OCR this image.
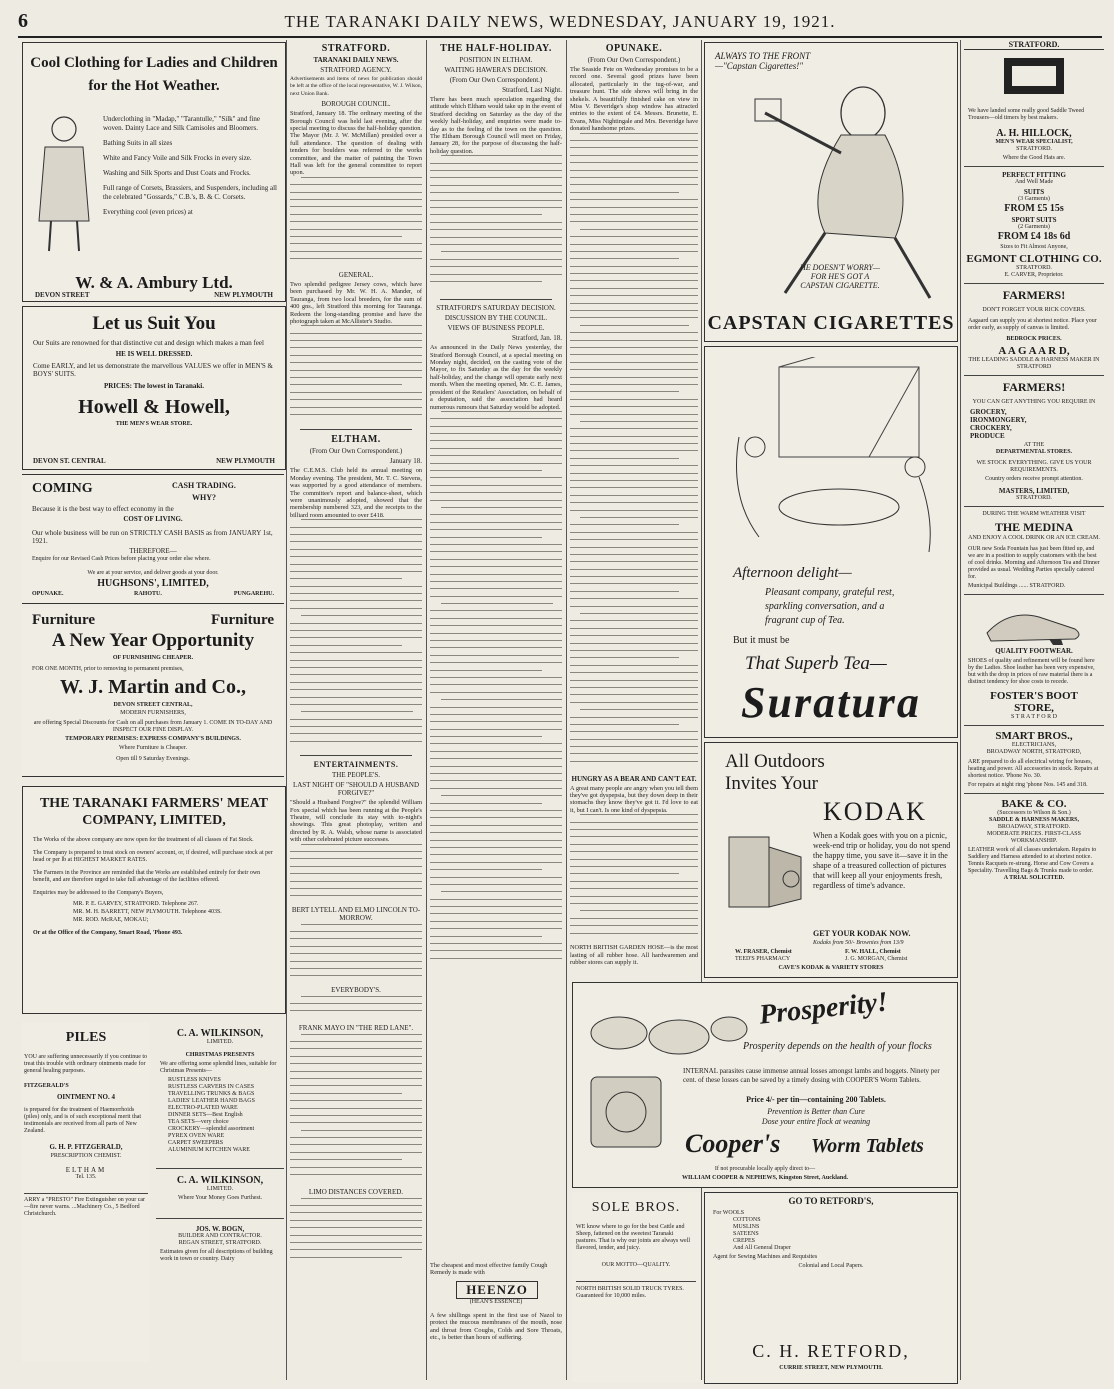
6	THE TARANAKI DAILY NEWS, WEDNESDAY, JANUARY 19, 1921.
Cool Clothing for Ladies and Children
for the Hot Weather.
Underclothing in "Madap," "Tarantulle," "Silk" and fine woven. Dainty Lace and Silk Camisoles and Bloomers.
Bathing Suits in all sizes
White and Fancy Voile and Silk Frocks in every size.
Washing and Silk Sports and Dust Coats and Frocks.
Full range of Corsets, Brassiers, and Suspenders, including all the celebrated "Gossards," C.B.'s, B. & C. Corsets.
Everything cool (even prices) at
W. & A. Ambury Ltd.
DEVON STREET	NEW PLYMOUTH
Let us Suit You
Our Suits are renowned for that distinctive cut and design which makes a man feel
HE IS WELL DRESSED.
Come EARLY, and let us demonstrate the marvellous VALUES we offer in MEN'S & BOYS' SUITS.
PRICES: The lowest in Taranaki.
Howell & Howell,
THE MEN'S WEAR STORE.
DEVON ST. CENTRAL	NEW PLYMOUTH
COMING	CASH TRADING.
WHY?
Because it is the best way to effect economy in the
COST OF LIVING.
Our whole business will be run on STRICTLY CASH BASIS as from JANUARY 1st, 1921.
THEREFORE—
Enquire for our Revised Cash Prices before placing your order else where.
We are at your service, and deliver goods at your door.
HUGHSONS', LIMITED,
OPUNAKE.	RAHOTU.	PUNGAREHU.
Furniture	Furniture
A New Year Opportunity
OF FURNISHING CHEAPER.
FOR ONE MONTH, prior to removing to permanent premises,
W. J. Martin and Co.,
DEVON STREET CENTRAL,
MODERN FURNISHERS,
are offering Special Discounts for Cash on all purchases from January 1. COME IN TO-DAY AND INSPECT OUR FINE DISPLAY.
TEMPORARY PREMISES: EXPRESS COMPANY'S BUILDINGS.
Where Furniture is Cheaper.
Open till 9 Saturday Evenings.
THE TARANAKI FARMERS' MEAT COMPANY, LIMITED,
The Works of the above company are now open for the treatment of all classes of Fat Stock.
The Company is prepared to treat stock on owners' account, or, if desired, will purchase stock at per head or per lb at HIGHEST MARKET RATES.
The Farmers in the Province are reminded that the Works are established entirely for their own benefit, and are therefore urged to take full advantage of the facilities offered.
Enquiries may be addressed to the Company's Buyers,
MR. P. E. GARVEY, STRATFORD. Telephone 267.
MR. M. H. BARRETT, NEW PLYMOUTH. Telephone 403S.
MR. ROD. McRAE, MOKAU;
Or at the Office of the Company, Smart Road, 'Phone 493.
PILES
YOU are suffering unnecessarily if you continue to treat this trouble with ordinary ointments made for general healing purposes.
FITZGERALD'S
OINTMENT NO. 4
is prepared for the treatment of Haemorrhoids (piles) only, and is of such exceptional merit that testimonials are received from all parts of New Zealand.
G. H. P. FITZGERALD,
PRESCRIPTION CHEMIST.
ELTHAM
Tel. 135.
ARRY a "PRESTO" Fire Extinguisher on your car—fire never warns. ...Machinery Co., 5 Bedford Christchurch.
C. A. WILKINSON,
LIMITED.
CHRISTMAS PRESENTS
We are offering some splendid lines, suitable for Christmas Presents—
RUSTLESS KNIVES
RUSTLESS CARVERS IN CASES
TRAVELLING TRUNKS & BAGS
LADIES' LEATHER HAND BAGS
ELECTRO-PLATED WARE
DINNER SETS—Best English
TEA SETS—very choice
CROCKERY—splendid assortment
PYREX OVEN WARE
CARPET SWEEPERS
ALUMINIUM KITCHEN WARE
C. A. WILKINSON,
LIMITED.
Where Your Money Goes Furthest.
JOS. W. BOGN,
BUILDER AND CONTRACTOR.
REGAN STREET, STRATFORD.
Estimates given for all descriptions of building work in town or country. Dairy
STRATFORD.
TARANAKI DAILY NEWS.
STRATFORD AGENCY.
Advertisements and items of news for publication should be left at the office of the local representative, W. J. Wilson, next Union Bank.
BOROUGH COUNCIL.
Stratford, January 18. The ordinary meeting of the Borough Council was held last evening, after the special meeting to discuss the half-holiday question. The Mayor (Mr. J. W. McMillan) presided over a full attendance. The question of dealing with tenders for boulders was referred to the works committee, and the matter of painting the Town Hall was left for the general committee to report upon.
GENERAL.
Two splendid pedigree Jersey cows, which have been purchased by Mr. W. H. A. Mander, of Tauranga, from two local breeders, for the sum of 400 gns., left Stratford this morning for Tauranga. Redeem the long-standing promise and have the photograph taken at McAllister's Studio.
ELTHAM.
(From Our Own Correspondent.)
January 18.
The C.E.M.S. Club held its annual meeting on Monday evening. The president, Mr. T. C. Stevens, was supported by a good attendance of members. The committee's report and balance-sheet, which were unanimously adopted, showed that the membership numbered 323, and the receipts to the billiard room amounted to over £418.
ENTERTAINMENTS.
THE PEOPLE'S.
LAST NIGHT OF "SHOULD A HUSBAND FORGIVE?"
"Should a Husband Forgive?" the splendid William Fox special which has been running at the People's Theatre, will conclude its stay with to-night's showings. This great photoplay, written and directed by R. A. Walsh, whose name is associated with other celebrated picture successes.
BERT LYTELL AND ELMO LINCOLN TO-MORROW.
EVERYBODY'S.
FRANK MAYO IN "THE RED LANE".
LIMO DISTANCES COVERED.
THE HALF-HOLIDAY.
POSITION IN ELTHAM.
WAITING HAWERA'S DECISION.
(From Our Own Correspondent.)
Stratford, Last Night.
There has been much speculation regarding the attitude which Eltham would take up in the event of Stratford deciding on Saturday as the day of the weekly half-holiday, and enquiries were made to-day as to the feeling of the town on the question. The Eltham Borough Council will meet on Friday, January 28, for the purpose of discussing the half-holiday question.
STRATFORD'S SATURDAY DECISION.
DISCUSSION BY THE COUNCIL.
VIEWS OF BUSINESS PEOPLE.
Stratford, Jan. 18.
As announced in the Daily News yesterday, the Stratford Borough Council, at a special meeting on Monday night, decided, on the casting vote of the Mayor, to fix Saturday as the day for the weekly half-holiday, and the change will operate early next month. When the meeting opened, Mr. C. E. James, president of the Retailers' Association, on behalf of a deputation, said the association had heard numerous rumours that Saturday would be adopted.
The cheapest and most effective family Cough Remedy is made with
HEENZO
(HEAN'S ESSENCE)
A few shillings spent in the first use of Nazol to protect the mucous membranes of the mouth, nose and throat from Coughs, Colds and Sore Throats, etc., is better than hours of suffering.
OPUNAKE.
(From Our Own Correspondent.)
The Seaside Fete on Wednesday promises to be a record one. Several good prizes have been allocated, particularly in the tug-of-war, and treasure hunt. The side shows will bring in the shekels. A beautifully finished cake on view in Miss V. Beveridge's shop window has attracted entries to the extent of £4. Messrs. Brunette, E. Evans, Miss Nightingale and Mrs. Beveridge have donated handsome prizes.
HUNGRY AS A BEAR AND CAN'T EAT.
A great many people are angry when you tell them they've got dyspepsia, but they down deep in their stomachs they know they've got it. I'd love to eat it, but I can't. Is one kind of dyspepsia.
NORTH BRITISH GARDEN HOSE—is the most lasting of all rubber hose. All hardwaremen and rubber stores can supply it.
ALWAYS TO THE FRONT—"Capstan Cigarettes!"
HE DOESN'T WORRY—FOR HE'S GOT A CAPSTAN CIGARETTE.
CAPSTAN CIGARETTES
Afternoon delight—
Pleasant company, grateful rest,
sparkling conversation, and a
fragrant cup of Tea.
But it must be
That Superb Tea—
Suratura
All Outdoors
Invites Your
KODAK
When a Kodak goes with you on a picnic, week-end trip or holiday, you do not spend the happy time, you save it—save it in the shape of a treasured collection of pictures that will keep all your enjoyments fresh, regardless of time's advance.
GET YOUR KODAK NOW.
Kodaks from 50/- Brownies from 13/9
W. FRASER, Chemist	F. W. HALL, Chemist
TEED'S PHARMACY	J. G. MORGAN, Chemist
CAVE'S KODAK & VARIETY STORES
Prosperity!
Prosperity depends on the health of your flocks
INTERNAL parasites cause immense annual losses amongst lambs and hoggets. Ninety per cent. of these losses can be saved by a timely dosing with COOPER'S Worm Tablets.
Price 4/- per tin—containing 200 Tablets.
Prevention is Better than Cure
Dose your entire flock at weaning
Cooper's Worm Tablets
If not procurable locally apply direct to—
WILLIAM COOPER & NEPHEWS, Kingston Street, Auckland.
SOLE BROS.
WE know where to go for the best Cattle and Sheep, fattened on the sweetest Taranaki pastures. That is why our joints are always well flavored, tender, and juicy.
OUR MOTTO—QUALITY.
NORTH BRITISH SOLID TRUCK TYRES. Guaranteed for 10,000 miles.
GO TO RETFORD'S,
For WOOLS
COTTONS
MUSLINS
SATEENS
CREPES
And All General Draper
Agent for Sewing Machines and Requisites
Colonial and Local Papers.
C. H. RETFORD,
CURRIE STREET, NEW PLYMOUTH.
STRATFORD.
We have landed some really good Saddle Tweed Trousers—old timers by best makers.
A. H. HILLOCK,
MEN'S WEAR SPECIALIST,
STRATFORD.
Where the Good Hats are.
PERFECT FITTING
And Well Made
SUITS
(3 Garments)
FROM £5 15s
SPORT SUITS
(2 Garments)
FROM £4 18s 6d
Sizes to Fit Almost Anyone,
EGMONT CLOTHING CO.
STRATFORD.
E. CARVER, Proprietor.
FARMERS!
DON'T FORGET YOUR RICK COVERS.
Aagaard can supply you at shortest notice. Place your order early, as supply of canvas is limited.
BEDROCK PRICES.
A A G A A R D,
THE LEADING SADDLE & HARNESS MAKER IN STRATFORD
FARMERS!
YOU CAN GET ANYTHING YOU REQUIRE IN
GROCERY,
IRONMONGERY,
CROCKERY,
PRODUCE
AT THE
DEPARTMENTAL STORES.
WE STOCK EVERYTHING. GIVE US YOUR REQUIREMENTS.
Country orders receive prompt attention.
MASTERS, LIMITED,
STRATFORD.
DURING THE WARM WEATHER VISIT
THE MEDINA
AND ENJOY A COOL DRINK OR AN ICE CREAM.
OUR new Soda Fountain has just been fitted up, and we are in a position to supply customers with the best of cool drinks. Morning and Afternoon Tea and Dinner provided as usual. Wedding Parties specially catered for.
Municipal Buildings ...... STRATFORD.
QUALITY FOOTWEAR.
SHOES of quality and refinement will be found here by the Ladies. Shoe leather has been very expensive, but with the drop in prices of raw material there is a distinct tendency for shoe costs to recede.
FOSTER'S BOOT
STORE,
S T R A T F O R D
SMART BROS.,
ELECTRICIANS,
BROADWAY NORTH, STRATFORD,
ARE prepared to do all electrical wiring for houses, heating and power. All accessories in stock. Repairs at shortest notice. 'Phone No. 30.
For repairs at night ring 'phone Nos. 145 and 318.
BAKE & CO.
(Successors to Wilson & Son.)
SADDLE & HARNESS MAKERS,
BROADWAY, STRATFORD.
MODERATE PRICES. FIRST-CLASS WORKMANSHIP.
LEATHER work of all classes undertaken. Repairs to Saddlery and Harness attended to at shortest notice. Tennis Racquets re-strung. Horse and Cow Covers a Speciality. Travelling Bags & Trunks made to order.
A TRIAL SOLICITED.
